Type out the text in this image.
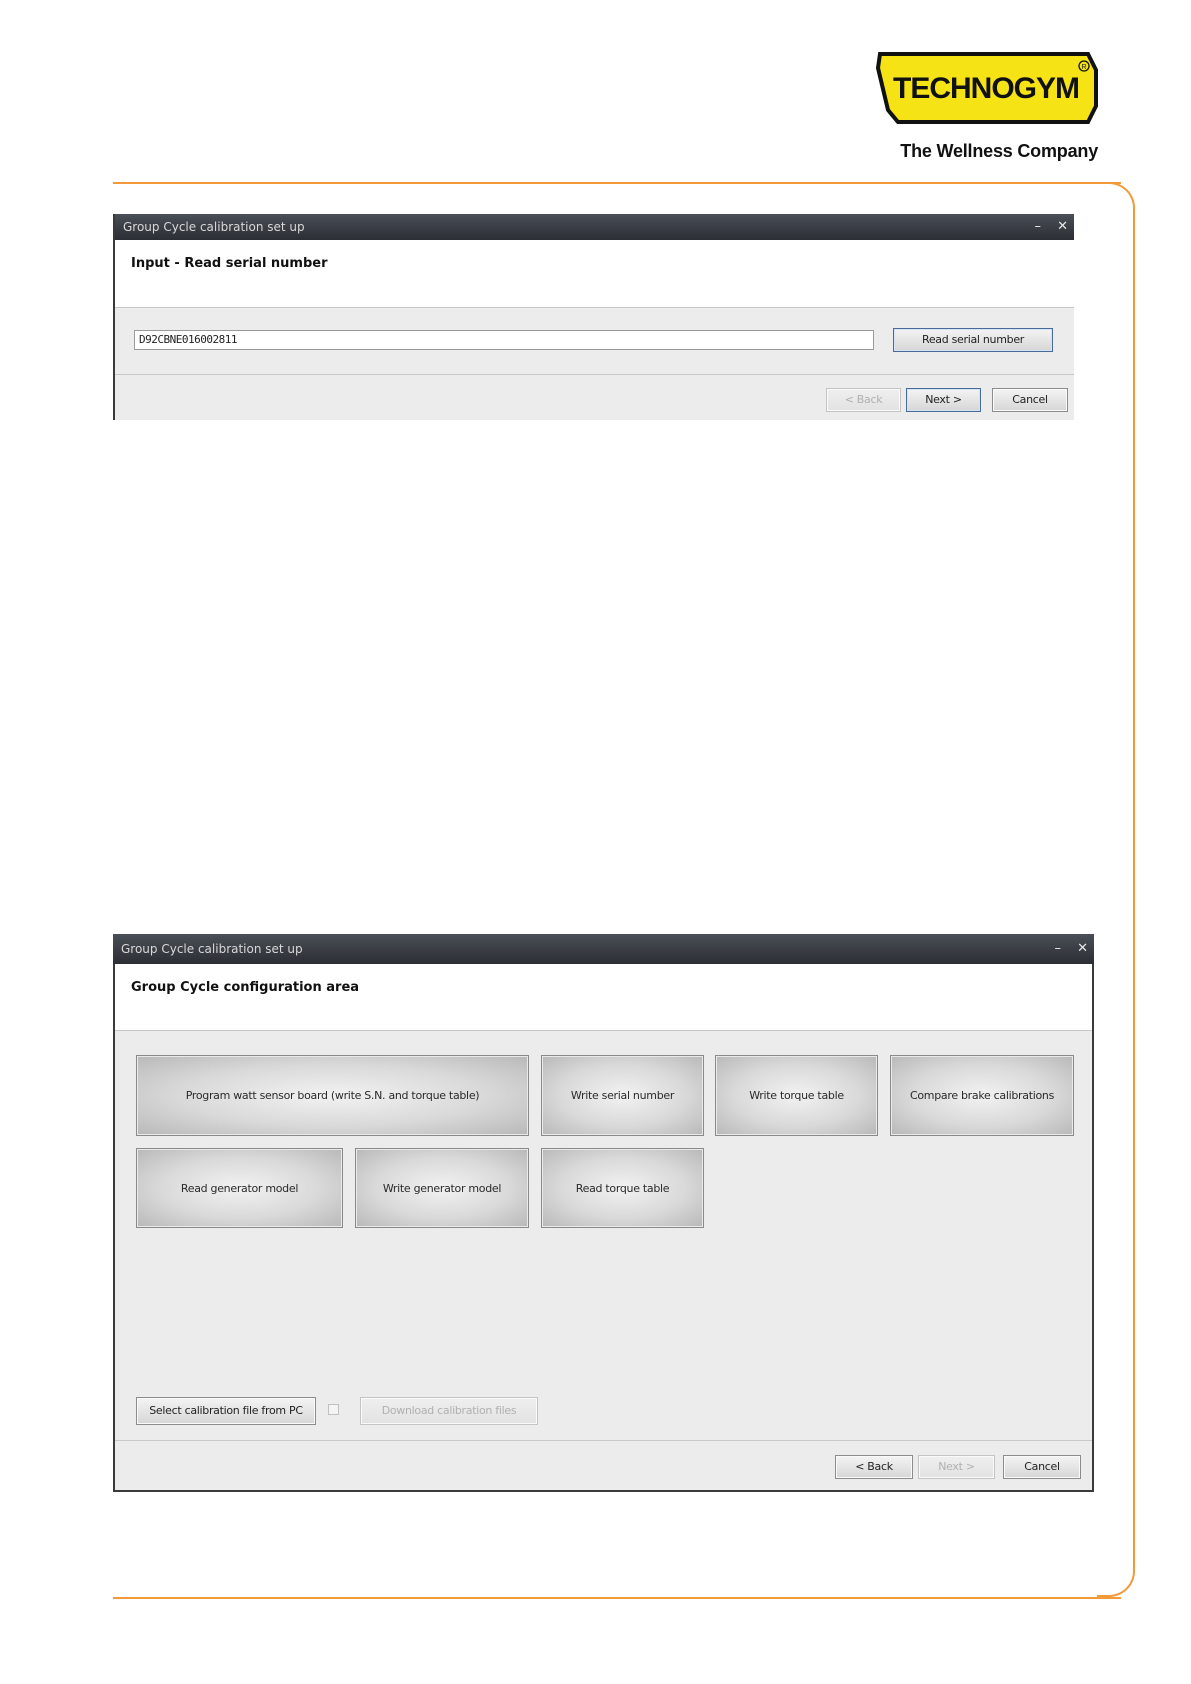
TECHNOGYM
R
The Wellness Company
Group Cycle calibration set up	– ✕
Input - Read serial number
D92CBNE016002811	Read serial number
< Back	Next >	Cancel
Group Cycle calibration set up	– ✕
Group Cycle configuration area
Program watt sensor board (write S.N. and torque table)	Write serial number	Write torque table	Compare brake calibrations
Read generator model	Write generator model	Read torque table
Select calibration file from PC	Download calibration files
< Back	Next >	Cancel
